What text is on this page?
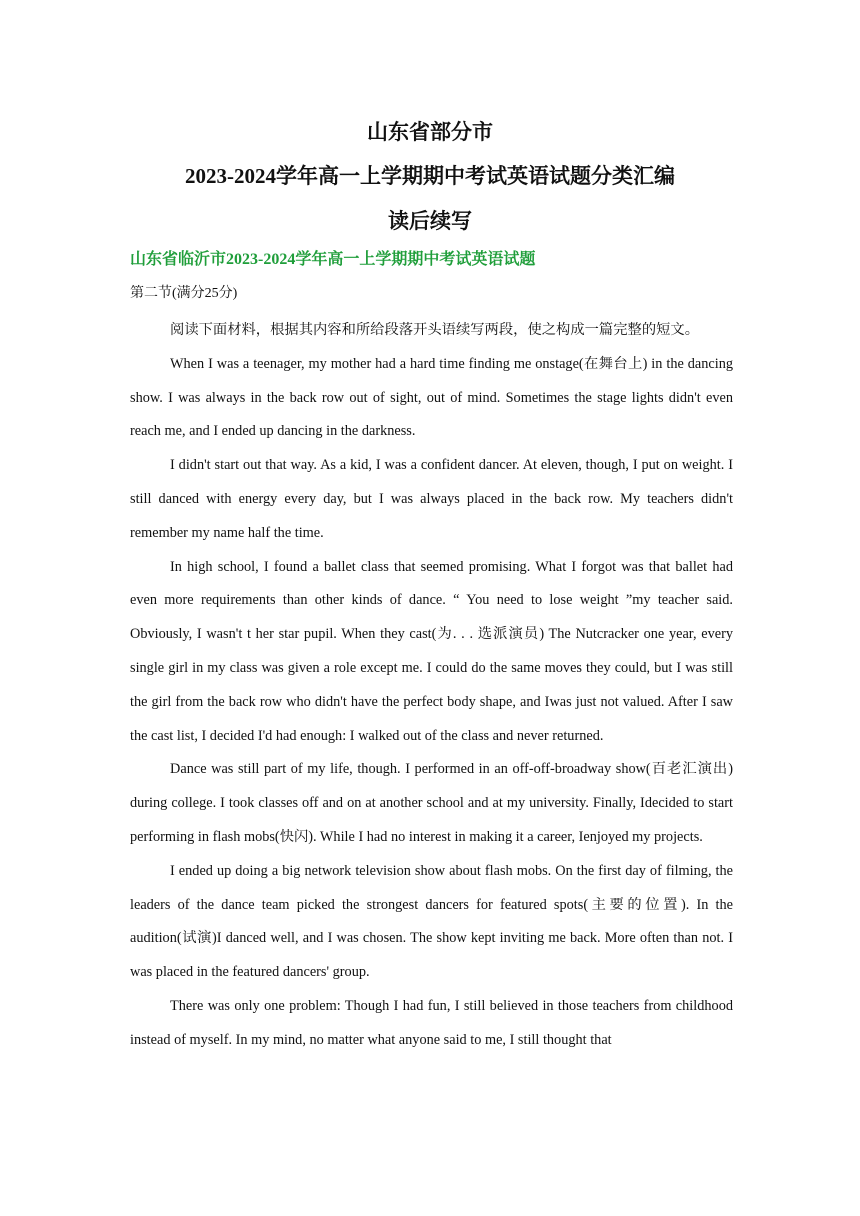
山东省部分市
2023-2024学年高一上学期期中考试英语试题分类汇编
读后续写
山东省临沂市2023-2024学年高一上学期期中考试英语试题
第二节(满分25分)

阅读下面材料，根据其内容和所给段落开头语续写两段，使之构成一篇完整的短文。

When I was a teenager, my mother had a hard time finding me onstage(在舞台上) in the dancing show. I was always in the back row out of sight, out of mind. Sometimes the stage lights didn't even reach me, and I ended up dancing in the darkness.

I didn't start out that way. As a kid, I was a confident dancer. At eleven, though, I put on weight. I still danced with energy every day, but I was always placed in the back row. My teachers didn't remember my name half the time.

In high school, I found a ballet class that seemed promising. What I forgot was that ballet had even more requirements than other kinds of dance. “ You need to lose weight ”my teacher said. Obviously, I wasn't t her star pupil. When they cast(为. . . 选派演员) The Nutcracker one year, every single girl in my class was given a role except me. I could do the same moves they could, but I was still the girl from the back row who didn't have the perfect body shape, and Iwas just not valued. After I saw the cast list, I decided I'd had enough: I walked out of the class and never returned.

Dance was still part of my life, though. I performed in an off-off-broadway show(百老汇演出) during college. I took classes off and on at another school and at my university. Finally, Idecided to start performing in flash mobs(快闪). While I had no interest in making it a career, Ienjoyed my projects.

I ended up doing a big network television show about flash mobs. On the first day of filming, the leaders of the dance team picked the strongest dancers for featured spots(主要的位置). In the audition(试演)I danced well, and I was chosen. The show kept inviting me back. More often than not. I was placed in the featured dancers' group.

There was only one problem: Though I had fun, I still believed in those teachers from childhood instead of myself. In my mind, no matter what anyone said to me, I still thought that
